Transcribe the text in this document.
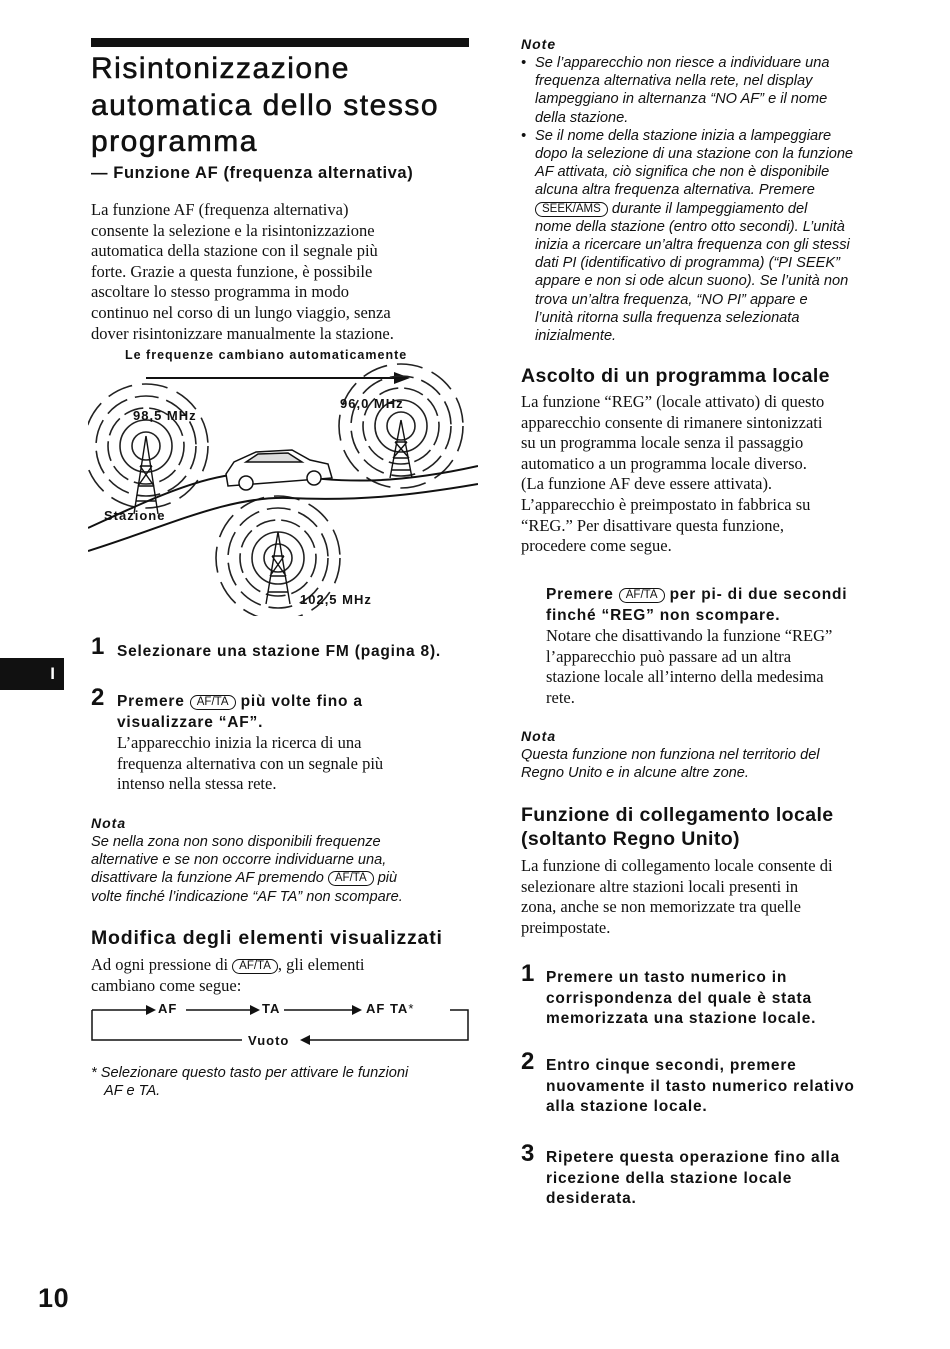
Risintonizzazione
automatica dello stesso
programma
— Funzione AF (frequenza alternativa)
La funzione AF (frequenza alternativa)
consente la selezione e la risintonizzazione
automatica della stazione con il segnale più
forte. Grazie a questa funzione, è possibile
ascoltare lo stesso programma in modo
continuo nel corso di un lungo viaggio, senza
dover risintonizzare manualmente la stazione.
Le frequenze cambiano automaticamente
98,5 MHz
96,0 MHz
102,5 MHz
Stazione
1 Selezionare una stazione FM (pagina 8).
2 Premere AF/TA più volte fino a
visualizzare “AF”.
L’apparecchio inizia la ricerca di una
frequenza alternativa con un segnale più
intenso nella stessa rete.
Nota
Se nella zona non sono disponibili frequenze
alternative e se non occorre individuarne una,
disattivare la funzione AF premendo AF/TA più
volte finché l’indicazione “AF TA” non scompare.
Modifica degli elementi visualizzati
Ad ogni pressione di AF/TA , gli elementi
cambiano come segue:
AF	TA	AF TA*
Vuoto
* Selezionare questo tasto per attivare le funzioni
AF e TA.
I
10
Note
• Se l’apparecchio non riesce a individuare una
frequenza alternativa nella rete, nel display
lampeggiano in alternanza “NO AF” e il nome
della stazione.
• Se il nome della stazione inizia a lampeggiare
dopo la selezione di una stazione con la funzione
AF attivata, ciò significa che non è disponibile
alcuna altra frequenza alternativa. Premere
SEEK/AMS durante il lampeggiamento del
nome della stazione (entro otto secondi). L’unità
inizia a ricercare un’altra frequenza con gli stessi
dati PI (identificativo di programma) (“PI SEEK”
appare e non si ode alcun suono). Se l’unità non
trova un’altra frequenza, “NO PI” appare e
l’unità ritorna sulla frequenza selezionata
inizialmente.
Ascolto di un programma locale
La funzione “REG” (locale attivato) di questo
apparecchio consente di rimanere sintonizzati
su un programma locale senza il passaggio
automatico a un programma locale diverso.
(La funzione AF deve essere attivata).
L’apparecchio è preimpostato in fabbrica su
“REG.” Per disattivare questa funzione,
procedere come segue.
Premere AF/TA per pi- di due secondi
finché “REG” non scompare.
Notare che disattivando la funzione “REG”
l’apparecchio può passare ad un altra
stazione locale all’interno della medesima
rete.
Nota
Questa funzione non funziona nel territorio del
Regno Unito e in alcune altre zone.
Funzione di collegamento locale
(soltanto Regno Unito)
La funzione di collegamento locale consente di
selezionare altre stazioni locali presenti in
zona, anche se non memorizzate tra quelle
preimpostate.
1 Premere un tasto numerico in
corrispondenza del quale è stata
memorizzata una stazione locale.
2 Entro cinque secondi, premere
nuovamente il tasto numerico relativo
alla stazione locale.
3 Ripetere questa operazione fino alla
ricezione della stazione locale
desiderata.
